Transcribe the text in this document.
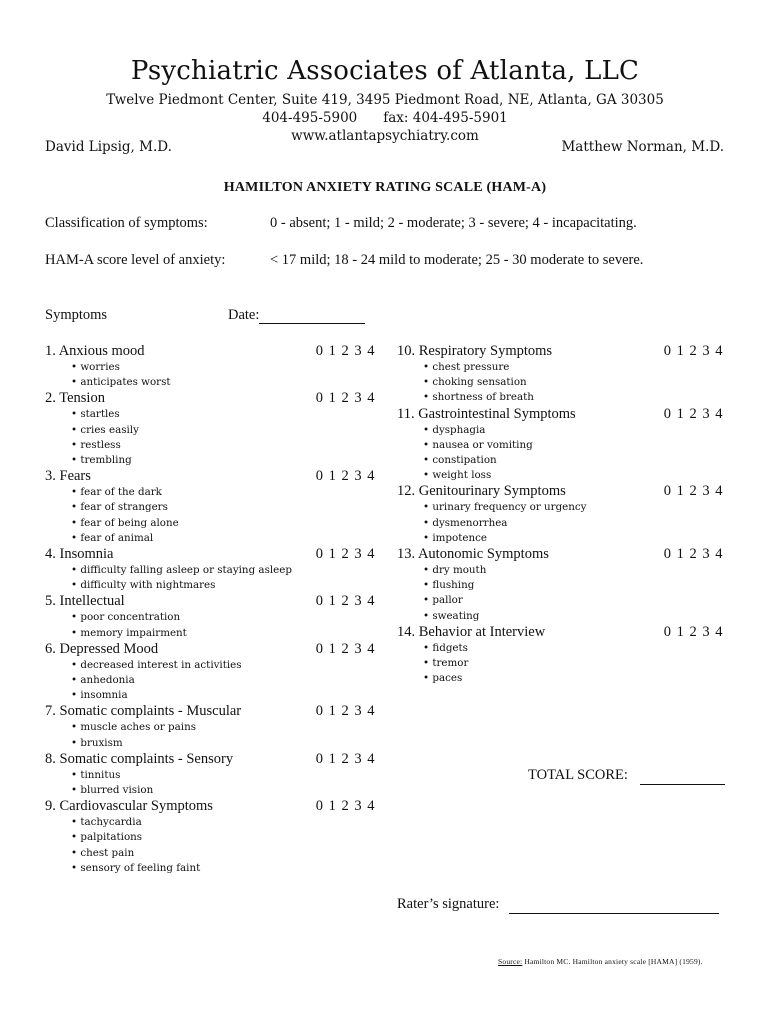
Psychiatric Associates of Atlanta, LLC
Twelve Piedmont Center, Suite 419, 3495 Piedmont Road, NE, Atlanta, GA 30305
404-495-5900 fax: 404-495-5901
www.atlantapsychiatry.com
David Lipsig, M.D.	Matthew Norman, M.D.
HAMILTON ANXIETY RATING SCALE (HAM-A)
Classification of symptoms:	0 - absent; 1 - mild; 2 - moderate; 3 - severe; 4 - incapacitating.
HAM-A score level of anxiety:	< 17 mild; 18 - 24 mild to moderate; 25 - 30 moderate to severe.
Symptoms	Date:
1. Anxious mood	0 1 2 3 4
• worries
• anticipates worst
2. Tension	0 1 2 3 4
• startles
• cries easily
• restless
• trembling
3. Fears	0 1 2 3 4
• fear of the dark
• fear of strangers
• fear of being alone
• fear of animal
4. Insomnia	0 1 2 3 4
• difficulty falling asleep or staying asleep
• difficulty with nightmares
5. Intellectual	0 1 2 3 4
• poor concentration
• memory impairment
6. Depressed Mood	0 1 2 3 4
• decreased interest in activities
• anhedonia
• insomnia
7. Somatic complaints - Muscular	0 1 2 3 4
• muscle aches or pains
• bruxism
8. Somatic complaints - Sensory	0 1 2 3 4
• tinnitus
• blurred vision
9. Cardiovascular Symptoms	0 1 2 3 4
• tachycardia
• palpitations
• chest pain
• sensory of feeling faint
10. Respiratory Symptoms	0 1 2 3 4
• chest pressure
• choking sensation
• shortness of breath
11. Gastrointestinal Symptoms	0 1 2 3 4
• dysphagia
• nausea or vomiting
• constipation
• weight loss
12. Genitourinary Symptoms	0 1 2 3 4
• urinary frequency or urgency
• dysmenorrhea
• impotence
13. Autonomic Symptoms	0 1 2 3 4
• dry mouth
• flushing
• pallor
• sweating
14. Behavior at Interview	0 1 2 3 4
• fidgets
• tremor
• paces
TOTAL SCORE:
Rater’s signature:
Source: Hamilton MC. Hamilton anxiety scale [HAMA] (1959).
